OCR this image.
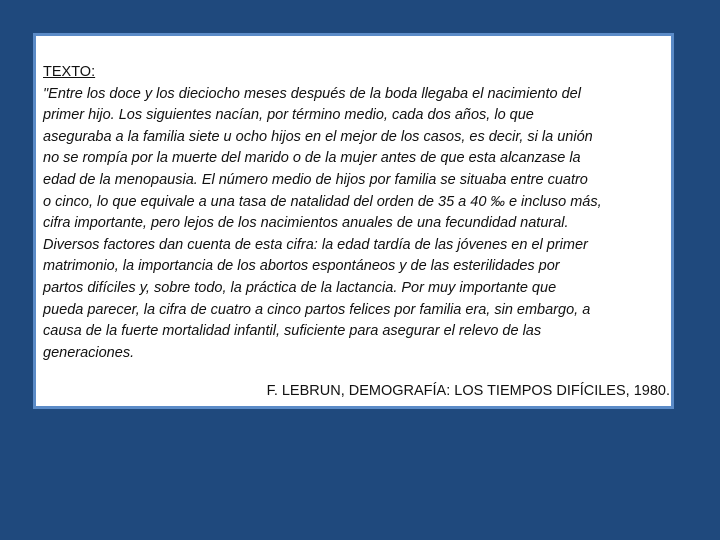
TEXTO:

"Entre los doce y los dieciocho meses después de la boda llegaba el nacimiento del
primer hijo. Los siguientes nacían, por término medio, cada dos años, lo que
aseguraba a la familia siete u ocho hijos en el mejor de los casos, es decir, si la unión
no se rompía por la muerte del marido o de la mujer antes de que esta alcanzase la
edad de la menopausia. El número medio de hijos por familia se situaba entre cuatro
o cinco, lo que equivale a una tasa de natalidad del orden de 35 a 40 ‰ e incluso más,
cifra importante, pero lejos de los nacimientos anuales de una fecundidad natural.
Diversos factores dan cuenta de esta cifra: la edad tardía de las jóvenes en el primer
matrimonio, la importancia de los abortos espontáneos y de las esterilidades por
partos difíciles y, sobre todo, la práctica de la lactancia. Por muy importante que
pueda parecer, la cifra de cuatro a cinco partos felices por familia era, sin embargo, a
causa de la fuerte mortalidad infantil, suficiente para asegurar el relevo de las
generaciones.

F. LEBRUN, DEMOGRAFÍA: LOS TIEMPOS DIFÍCILES, 1980.
